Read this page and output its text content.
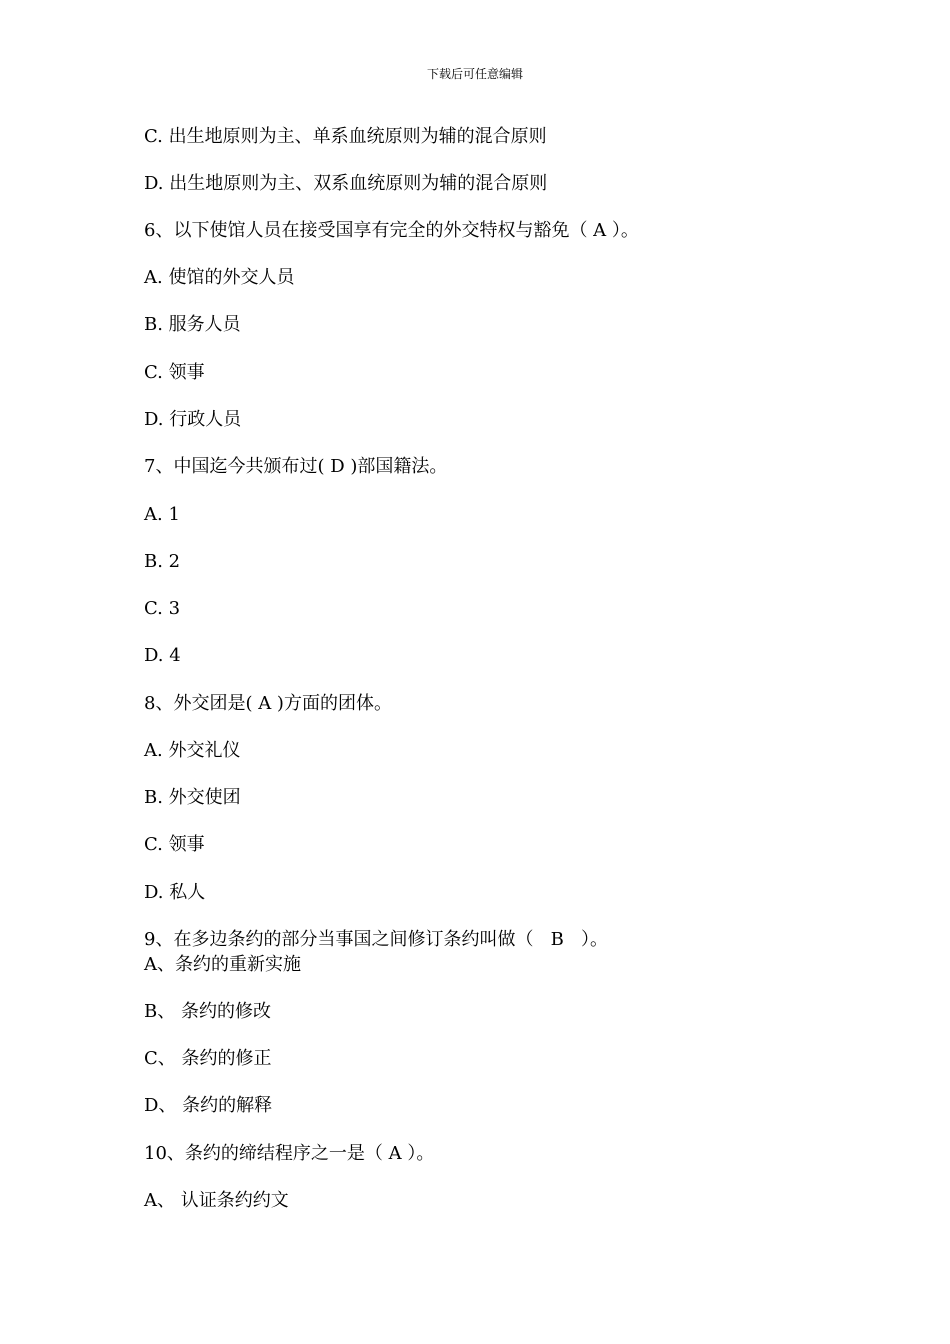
下载后可任意编辑
C. 出生地原则为主、单系血统原则为辅的混合原则
D. 出生地原则为主、双系血统原则为辅的混合原则
6、以下使馆人员在接受国享有完全的外交特权与豁免（ A ）。
A. 使馆的外交人员
B. 服务人员
C. 领事
D. 行政人员
7、中国迄今共颁布过( D )部国籍法。
A. 1
B. 2
C. 3
D. 4
8、外交团是( A )方面的团体。
A. 外交礼仪
B. 外交使团
C. 领事
D. 私人
9、在多边条约的部分当事国之间修订条约叫做（   B   ）。
A、条约的重新实施
B、 条约的修改
C、 条约的修正
D、 条约的解释
10、条约的缔结程序之一是（ A ）。
A、 认证条约约文
